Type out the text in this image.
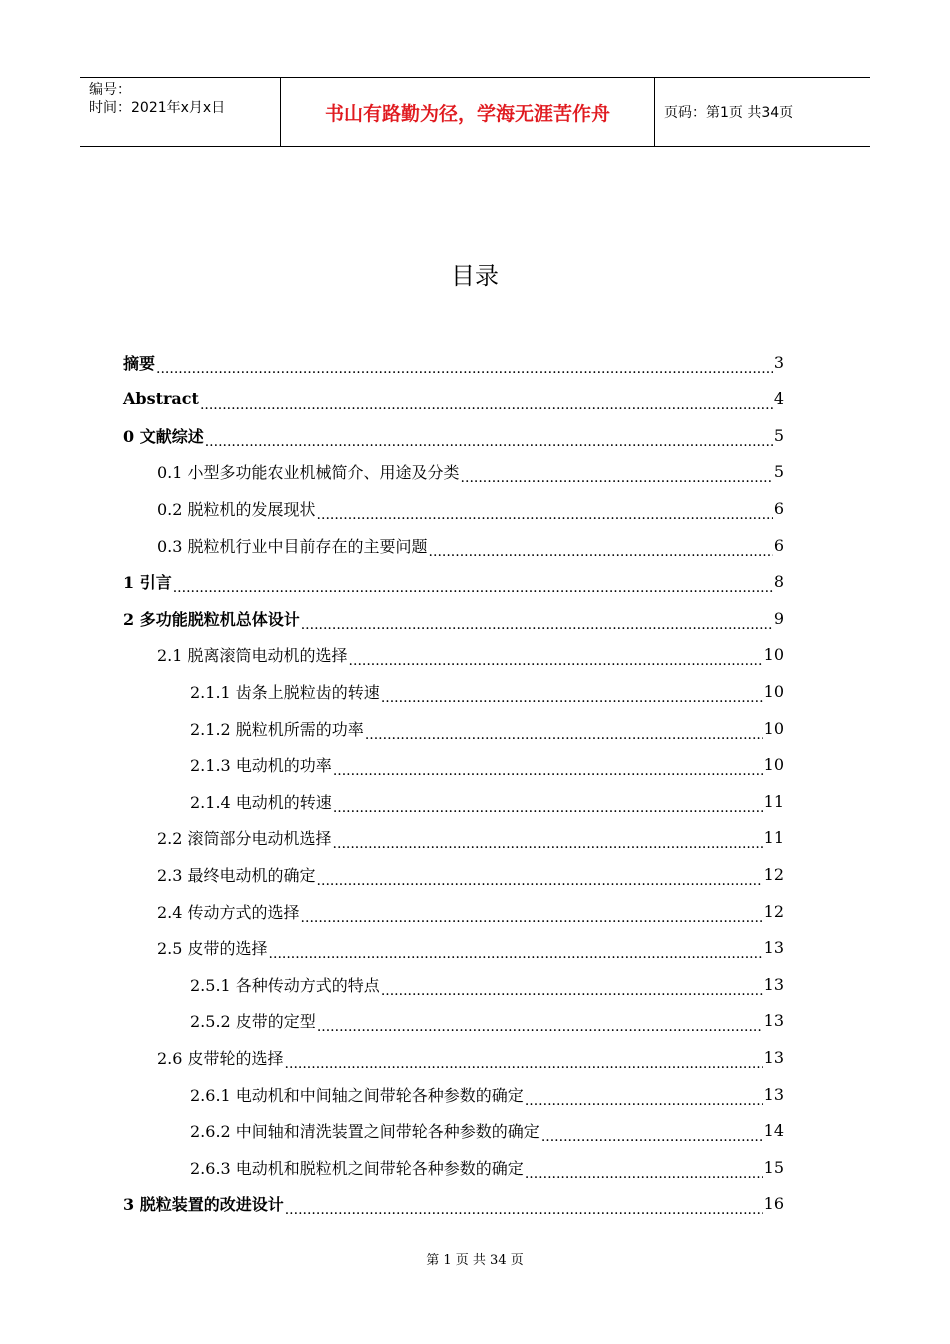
编号：
时间：2021年x月x日	书山有路勤为径，学海无涯苦作舟	页码：第1页 共34页
目录
摘要 .....	3
Abstract .....	4
0 文献综述 .....	5
0.1 小型多功能农业机械简介、用途及分类 .....	5
0.2 脱粒机的发展现状 .....	6
0.3 脱粒机行业中目前存在的主要问题 .....	6
1 引言 .....	8
2 多功能脱粒机总体设计 .....	9
2.1 脱离滚筒电动机的选择 .....	10
2.1.1 齿条上脱粒齿的转速 .....	10
2.1.2 脱粒机所需的功率 .....	10
2.1.3 电动机的功率 .....	10
2.1.4 电动机的转速 .....	11
2.2 滚筒部分电动机选择 .....	11
2.3 最终电动机的确定 .....	12
2.4 传动方式的选择 .....	12
2.5 皮带的选择 .....	13
2.5.1 各种传动方式的特点 .....	13
2.5.2 皮带的定型 .....	13
2.6 皮带轮的选择 .....	13
2.6.1 电动机和中间轴之间带轮各种参数的确定 .....	13
2.6.2 中间轴和清洗装置之间带轮各种参数的确定 .....	14
2.6.3 电动机和脱粒机之间带轮各种参数的确定 .....	15
3 脱粒装置的改进设计 .....	16
第 1 页 共 34 页
